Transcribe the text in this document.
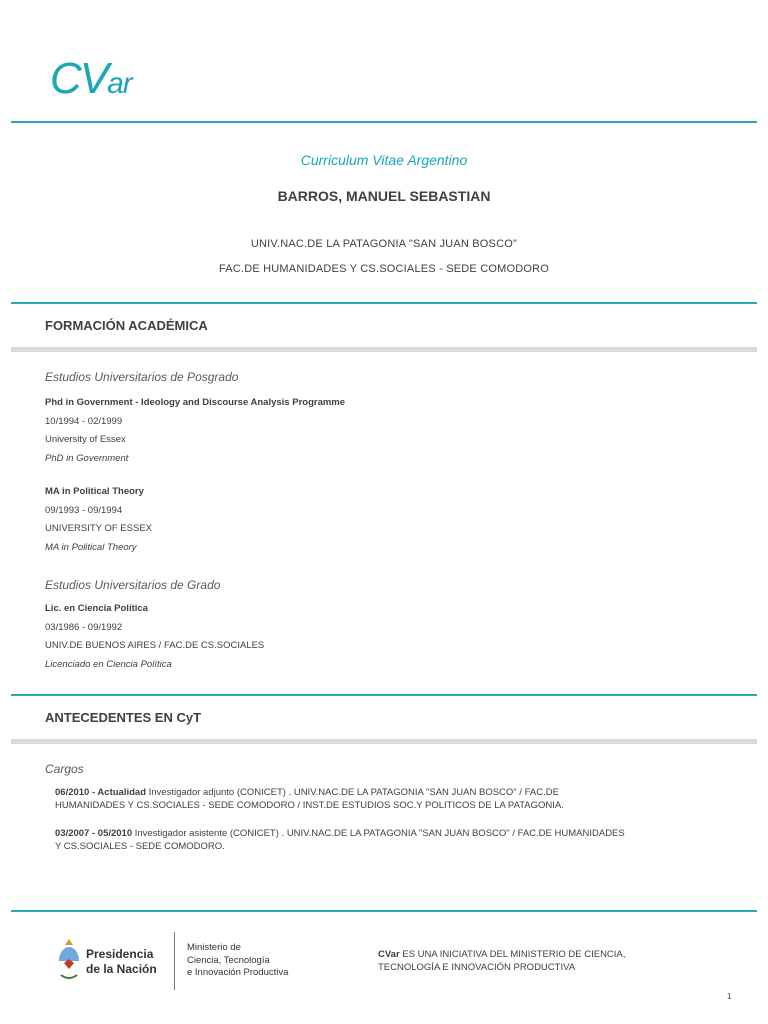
CVar
Curriculum Vitae Argentino
BARROS, MANUEL SEBASTIAN
UNIV.NAC.DE LA PATAGONIA "SAN JUAN BOSCO"
FAC.DE HUMANIDADES Y CS.SOCIALES - SEDE COMODORO
FORMACIÓN ACADÉMICA
Estudios Universitarios de Posgrado
Phd in Government - Ideology and Discourse Analysis Programme
10/1994 - 02/1999
University of Essex
PhD in Government
MA in Political Theory
09/1993 - 09/1994
UNIVERSITY OF ESSEX
MA in Political Theory
Estudios Universitarios de Grado
Lic. en Ciencia Política
03/1986 - 09/1992
UNIV.DE BUENOS AIRES / FAC.DE CS.SOCIALES
Licenciado en Ciencia Política
ANTECEDENTES EN CyT
Cargos
06/2010 - Actualidad Investigador adjunto (CONICET) . UNIV.NAC.DE LA PATAGONIA "SAN JUAN BOSCO" / FAC.DE
HUMANIDADES Y CS.SOCIALES - SEDE COMODORO / INST.DE ESTUDIOS SOC.Y POLITICOS DE LA PATAGONIA.
03/2007 - 05/2010 Investigador asistente (CONICET) . UNIV.NAC.DE LA PATAGONIA "SAN JUAN BOSCO" / FAC.DE HUMANIDADES
Y CS.SOCIALES - SEDE COMODORO.
Presidencia
de la Nación
Ministerio de
Ciencia, Tecnología
e Innovación Productiva
CVar ES UNA INICIATIVA DEL MINISTERIO DE CIENCIA,
TECNOLOGÍA E INNOVACIÓN PRODUCTIVA
1
